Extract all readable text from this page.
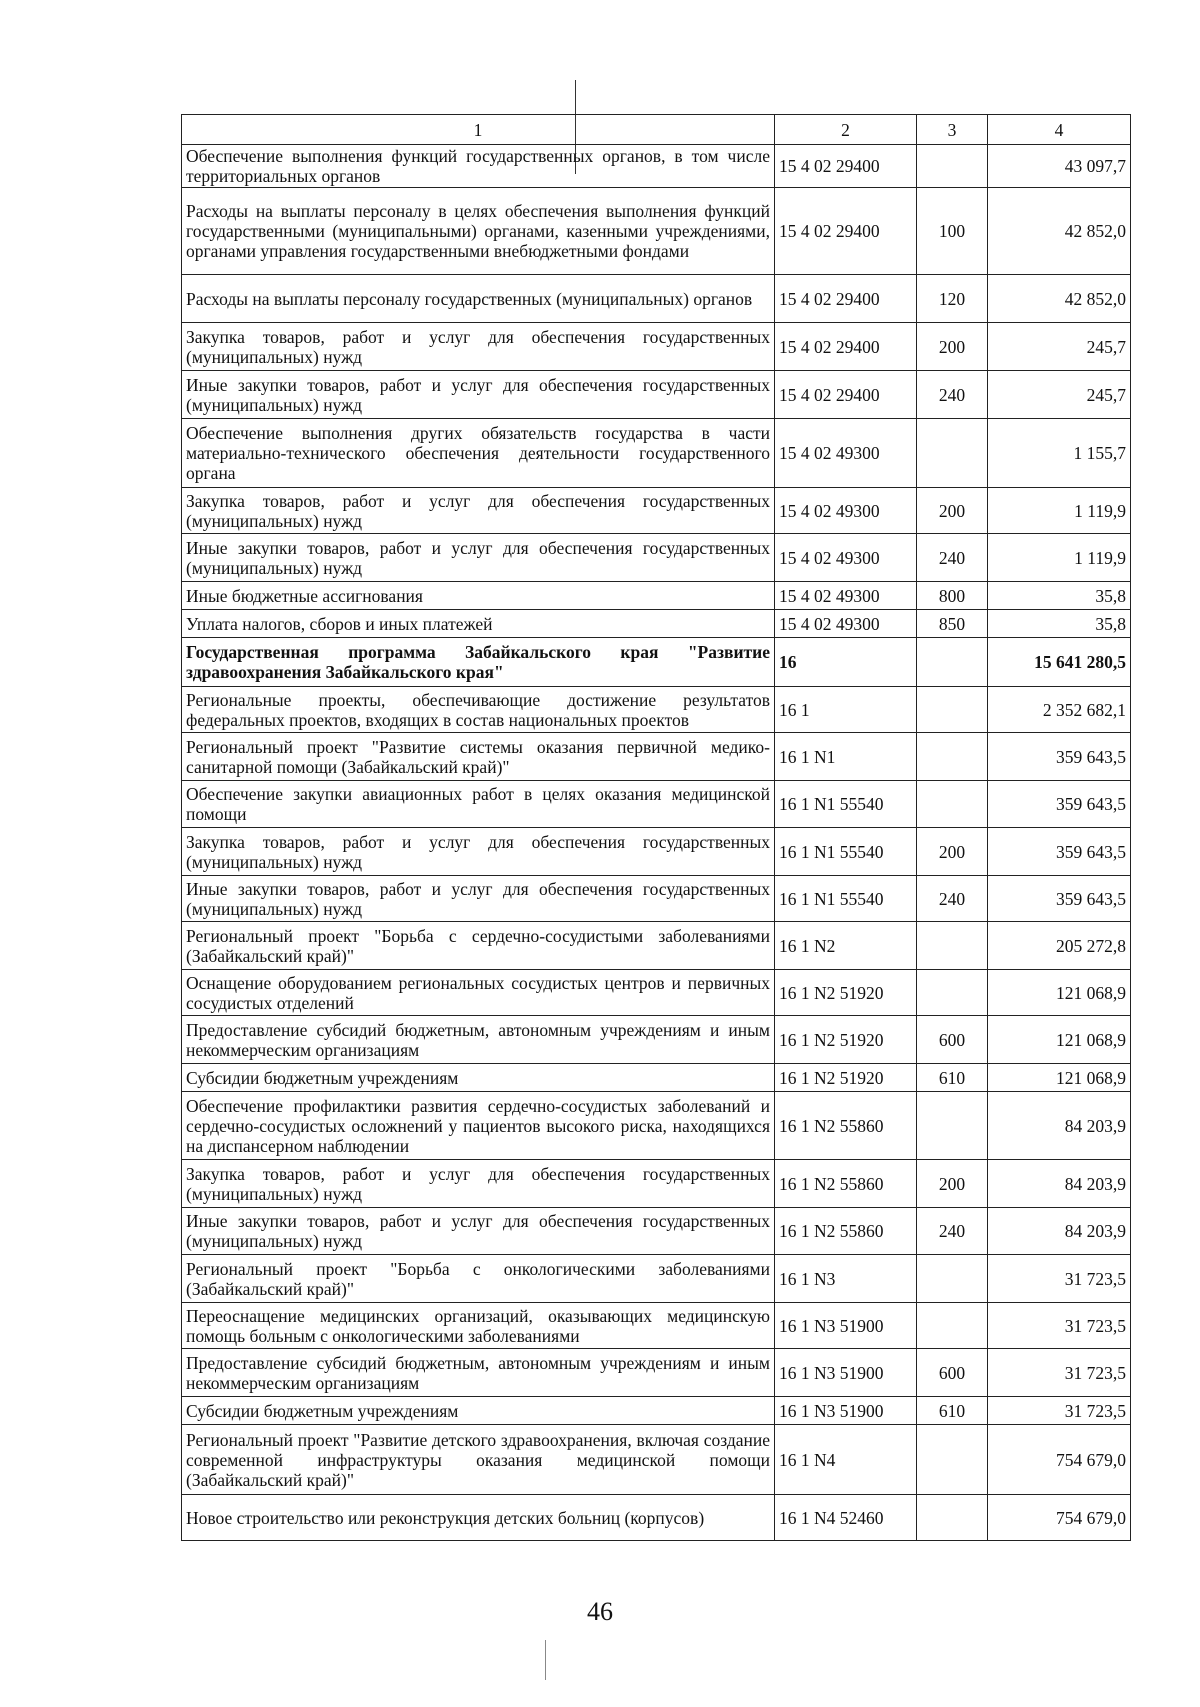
1	2	3	4
Обеспечение выполнения функций государственных органов, в том числе территориальных органов	15 4 02 29400		43 097,7
Расходы на выплаты персоналу в целях обеспечения выполнения функций государственными (муниципальными) органами, казенными учреждениями, органами управления государственными внебюджетными фондами	15 4 02 29400	100	42 852,0
Расходы на выплаты персоналу государственных (муниципальных) органов	15 4 02 29400	120	42 852,0
Закупка товаров, работ и услуг для обеспечения государственных (муниципальных) нужд	15 4 02 29400	200	245,7
Иные закупки товаров, работ и услуг для обеспечения государственных (муниципальных) нужд	15 4 02 29400	240	245,7
Обеспечение выполнения других обязательств государства в части материально-технического обеспечения деятельности государственного органа	15 4 02 49300		1 155,7
Закупка товаров, работ и услуг для обеспечения государственных (муниципальных) нужд	15 4 02 49300	200	1 119,9
Иные закупки товаров, работ и услуг для обеспечения государственных (муниципальных) нужд	15 4 02 49300	240	1 119,9
Иные бюджетные ассигнования	15 4 02 49300	800	35,8
Уплата налогов, сборов и иных платежей	15 4 02 49300	850	35,8
Государственная программа Забайкальского края "Развитие здравоохранения Забайкальского края"	16		15 641 280,5
Региональные проекты, обеспечивающие достижение результатов федеральных проектов, входящих в состав национальных проектов	16 1		2 352 682,1
Региональный проект "Развитие системы оказания первичной медико-санитарной помощи (Забайкальский край)"	16 1 N1		359 643,5
Обеспечение закупки авиационных работ в целях оказания медицинской помощи	16 1 N1 55540		359 643,5
Закупка товаров, работ и услуг для обеспечения государственных (муниципальных) нужд	16 1 N1 55540	200	359 643,5
Иные закупки товаров, работ и услуг для обеспечения государственных (муниципальных) нужд	16 1 N1 55540	240	359 643,5
Региональный проект "Борьба с сердечно-сосудистыми заболеваниями (Забайкальский край)"	16 1 N2		205 272,8
Оснащение оборудованием региональных сосудистых центров и первичных сосудистых отделений	16 1 N2 51920		121 068,9
Предоставление субсидий бюджетным, автономным учреждениям и иным некоммерческим организациям	16 1 N2 51920	600	121 068,9
Субсидии бюджетным учреждениям	16 1 N2 51920	610	121 068,9
Обеспечение профилактики развития сердечно-сосудистых заболеваний и сердечно-сосудистых осложнений у пациентов высокого риска, находящихся на диспансерном наблюдении	16 1 N2 55860		84 203,9
Закупка товаров, работ и услуг для обеспечения государственных (муниципальных) нужд	16 1 N2 55860	200	84 203,9
Иные закупки товаров, работ и услуг для обеспечения государственных (муниципальных) нужд	16 1 N2 55860	240	84 203,9
Региональный проект "Борьба с онкологическими заболеваниями (Забайкальский край)"	16 1 N3		31 723,5
Переоснащение медицинских организаций, оказывающих медицинскую помощь больным с онкологическими заболеваниями	16 1 N3 51900		31 723,5
Предоставление субсидий бюджетным, автономным учреждениям и иным некоммерческим организациям	16 1 N3 51900	600	31 723,5
Субсидии бюджетным учреждениям	16 1 N3 51900	610	31 723,5
Региональный проект "Развитие детского здравоохранения, включая создание современной инфраструктуры оказания медицинской помощи (Забайкальский край)"	16 1 N4		754 679,0
Новое строительство или реконструкция детских больниц (корпусов)	16 1 N4 52460		754 679,0
46
